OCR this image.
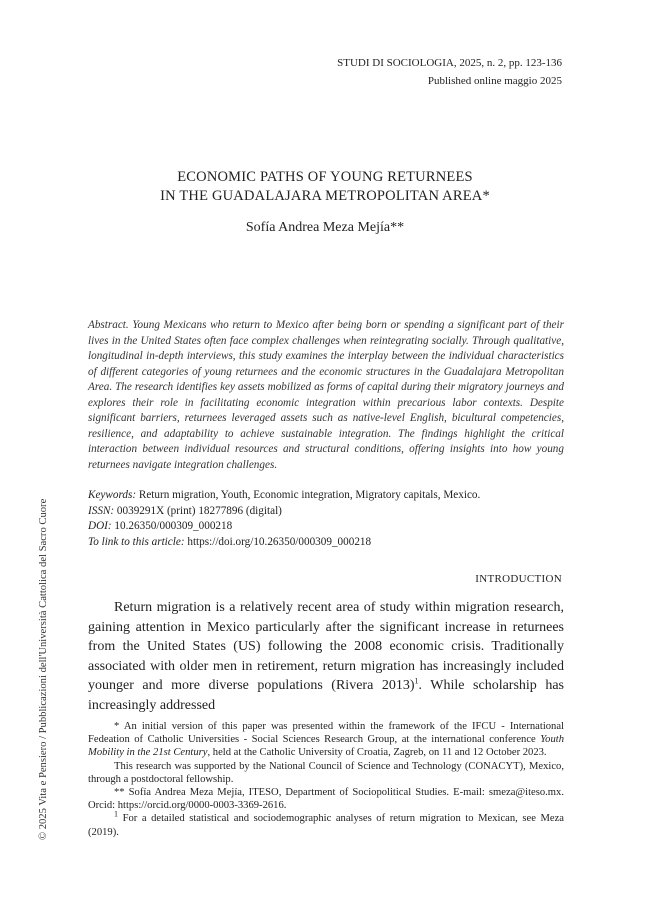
STUDI DI SOCIOLOGIA, 2025, n. 2, pp. 123-136
Published online maggio 2025
ECONOMIC PATHS OF YOUNG RETURNEES
IN THE GUADALAJARA METROPOLITAN AREA*
Sofía Andrea Meza Mejía**

Abstract. Young Mexicans who return to Mexico after being born or spending a significant part of their lives in the United States often face complex challenges when reintegrating socially. Through qualitative, longitudinal in-depth interviews, this study examines the interplay between the individual characteristics of different categories of young returnees and the economic structures in the Guadalajara Metropolitan Area. The research identifies key assets mobilized as forms of capital during their migratory journeys and explores their role in facilitating economic integration within precarious labor contexts. Despite significant barriers, returnees leveraged assets such as native-level English, bicultural competencies, resilience, and adaptability to achieve sustainable integration. The findings highlight the critical interaction between individual resources and structural conditions, offering insights into how young returnees navigate integration challenges.

Keywords: Return migration, Youth, Economic integration, Migratory capitals, Mexico.
ISSN: 0039291X (print) 18277896 (digital)
DOI: 10.26350/000309_000218
To link to this article: https://doi.org/10.26350/000309_000218
INTRODUCTION

Return migration is a relatively recent area of study within migration research, gaining attention in Mexico particularly after the significant increase in returnees from the United States (US) following the 2008 economic crisis. Traditionally associated with older men in retirement, return migration has increasingly included younger and more diverse populations (Rivera 2013)$^1$. While scholarship has increasingly addressed

* An initial version of this paper was presented within the framework of the IFCU - International Fedeation of Catholic Universities - Social Sciences Research Group, at the international conference Youth Mobility in the 21st Century, held at the Catholic University of Croatia, Zagreb, on 11 and 12 October 2023.

This research was supported by the National Council of Science and Technology (CONACYT), Mexico, through a postdoctoral fellowship.

** Sofía Andrea Meza Mejía, ITESO, Department of Sociopolitical Studies. E-mail: smeza@iteso.mx. Orcid: https://orcid.org/0000-0003-3369-2616.

$^1$ For a detailed statistical and sociodemographic analyses of return migration to Mexican, see Meza (2019).

© 2025 Vita e Pensiero / Pubblicazioni dell'Università Cattolica del Sacro Cuore
